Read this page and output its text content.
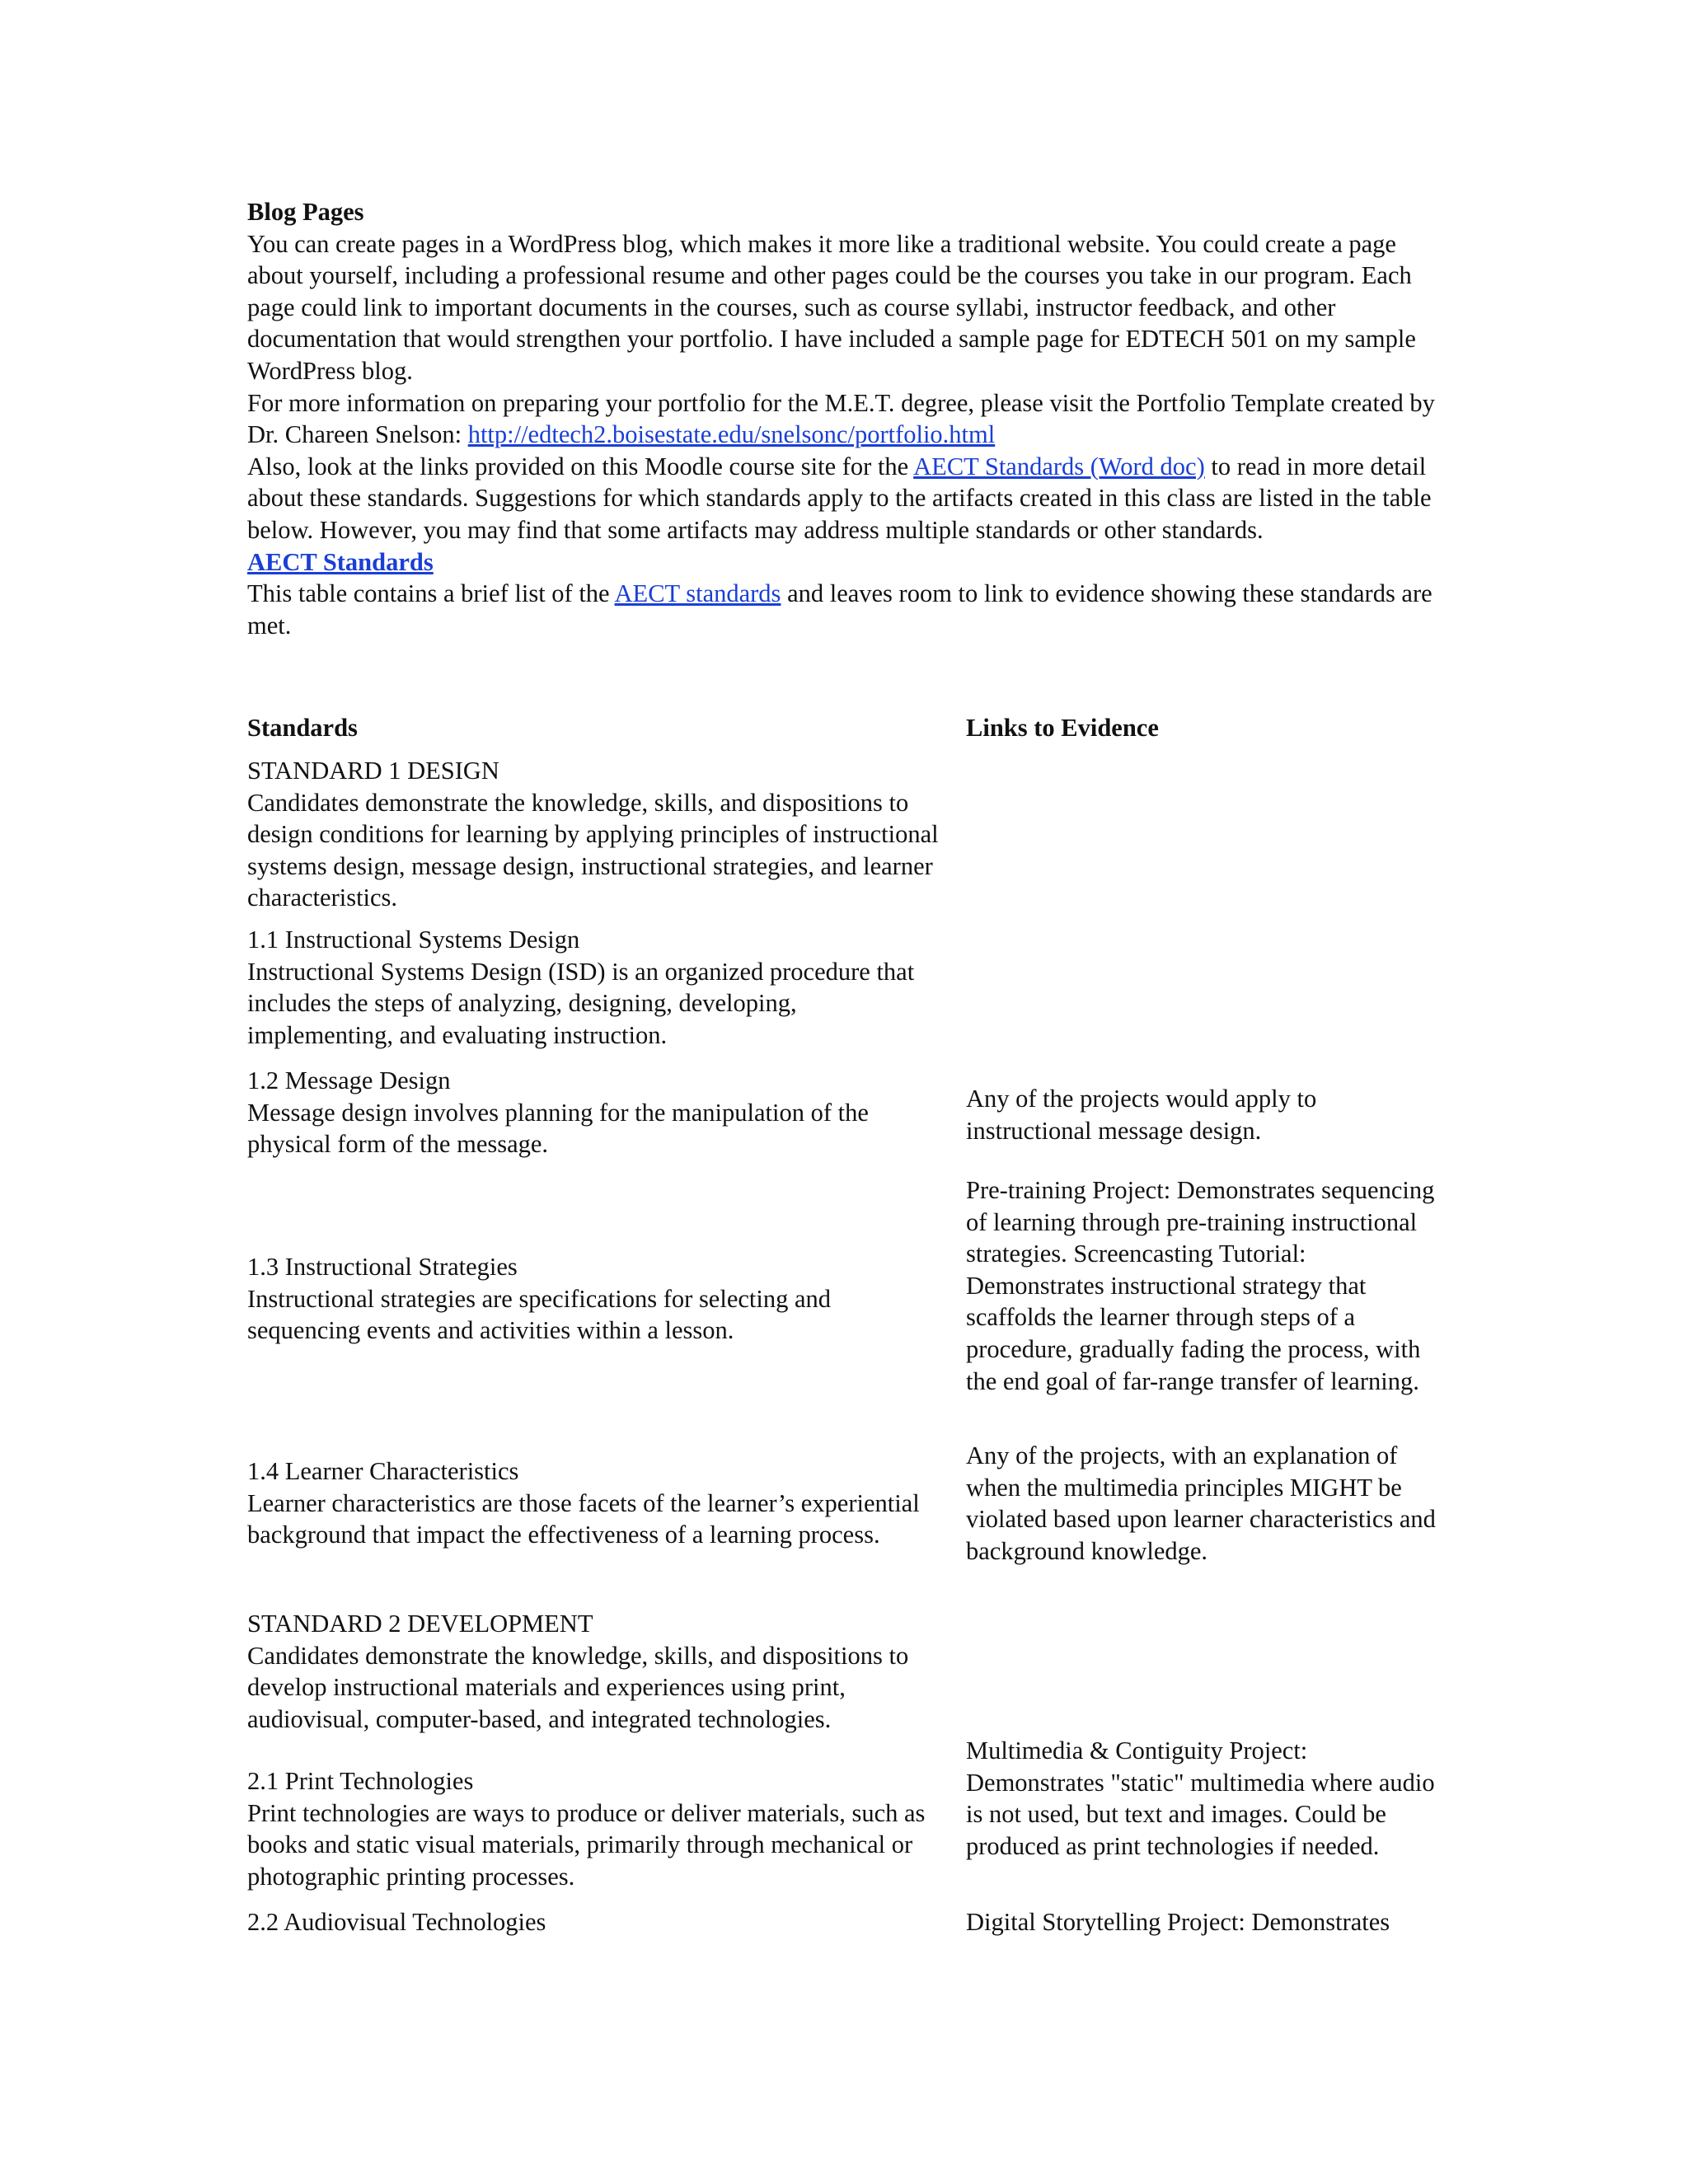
Blog Pages

You can create pages in a WordPress blog, which makes it more like a traditional website. You could create a page about yourself, including a professional resume and other pages could be the courses you take in our program. Each page could link to important documents in the courses, such as course syllabi, instructor feedback, and other documentation that would strengthen your portfolio. I have included a sample page for EDTECH 501 on my sample WordPress blog.

For more information on preparing your portfolio for the M.E.T. degree, please visit the Portfolio Template created by Dr. Chareen Snelson: http://edtech2.boisestate.edu/snelsonc/portfolio.html

Also, look at the links provided on this Moodle course site for the AECT Standards (Word doc) to read in more detail about these standards. Suggestions for which standards apply to the artifacts created in this class are listed in the table below. However, you may find that some artifacts may address multiple standards or other standards.

AECT Standards

This table contains a brief list of the AECT standards and leaves room to link to evidence showing these standards are met.

Standards	Links to Evidence
STANDARD 1 DESIGN
Candidates demonstrate the knowledge, skills, and dispositions to design conditions for learning by applying principles of instructional systems design, message design, instructional strategies, and learner characteristics.
1.1 Instructional Systems Design
Instructional Systems Design (ISD) is an organized procedure that includes the steps of analyzing, designing, developing, implementing, and evaluating instruction.
1.2 Message Design
Message design involves planning for the manipulation of the physical form of the message.
Any of the projects would apply to instructional message design.
1.3 Instructional Strategies
Instructional strategies are specifications for selecting and sequencing events and activities within a lesson.
Pre-training Project: Demonstrates sequencing of learning through pre-training instructional strategies. Screencasting Tutorial: Demonstrates instructional strategy that scaffolds the learner through steps of a procedure, gradually fading the process, with the end goal of far-range transfer of learning.
1.4 Learner Characteristics
Learner characteristics are those facets of the learner’s experiential background that impact the effectiveness of a learning process.
Any of the projects, with an explanation of when the multimedia principles MIGHT be violated based upon learner characteristics and background knowledge.
STANDARD 2 DEVELOPMENT
Candidates demonstrate the knowledge, skills, and dispositions to develop instructional materials and experiences using print, audiovisual, computer-based, and integrated technologies.
2.1 Print Technologies
Print technologies are ways to produce or deliver materials, such as books and static visual materials, primarily through mechanical or photographic printing processes.
Multimedia & Contiguity Project: Demonstrates "static" multimedia where audio is not used, but text and images. Could be produced as print technologies if needed.
2.2 Audiovisual Technologies	Digital Storytelling Project: Demonstrates
